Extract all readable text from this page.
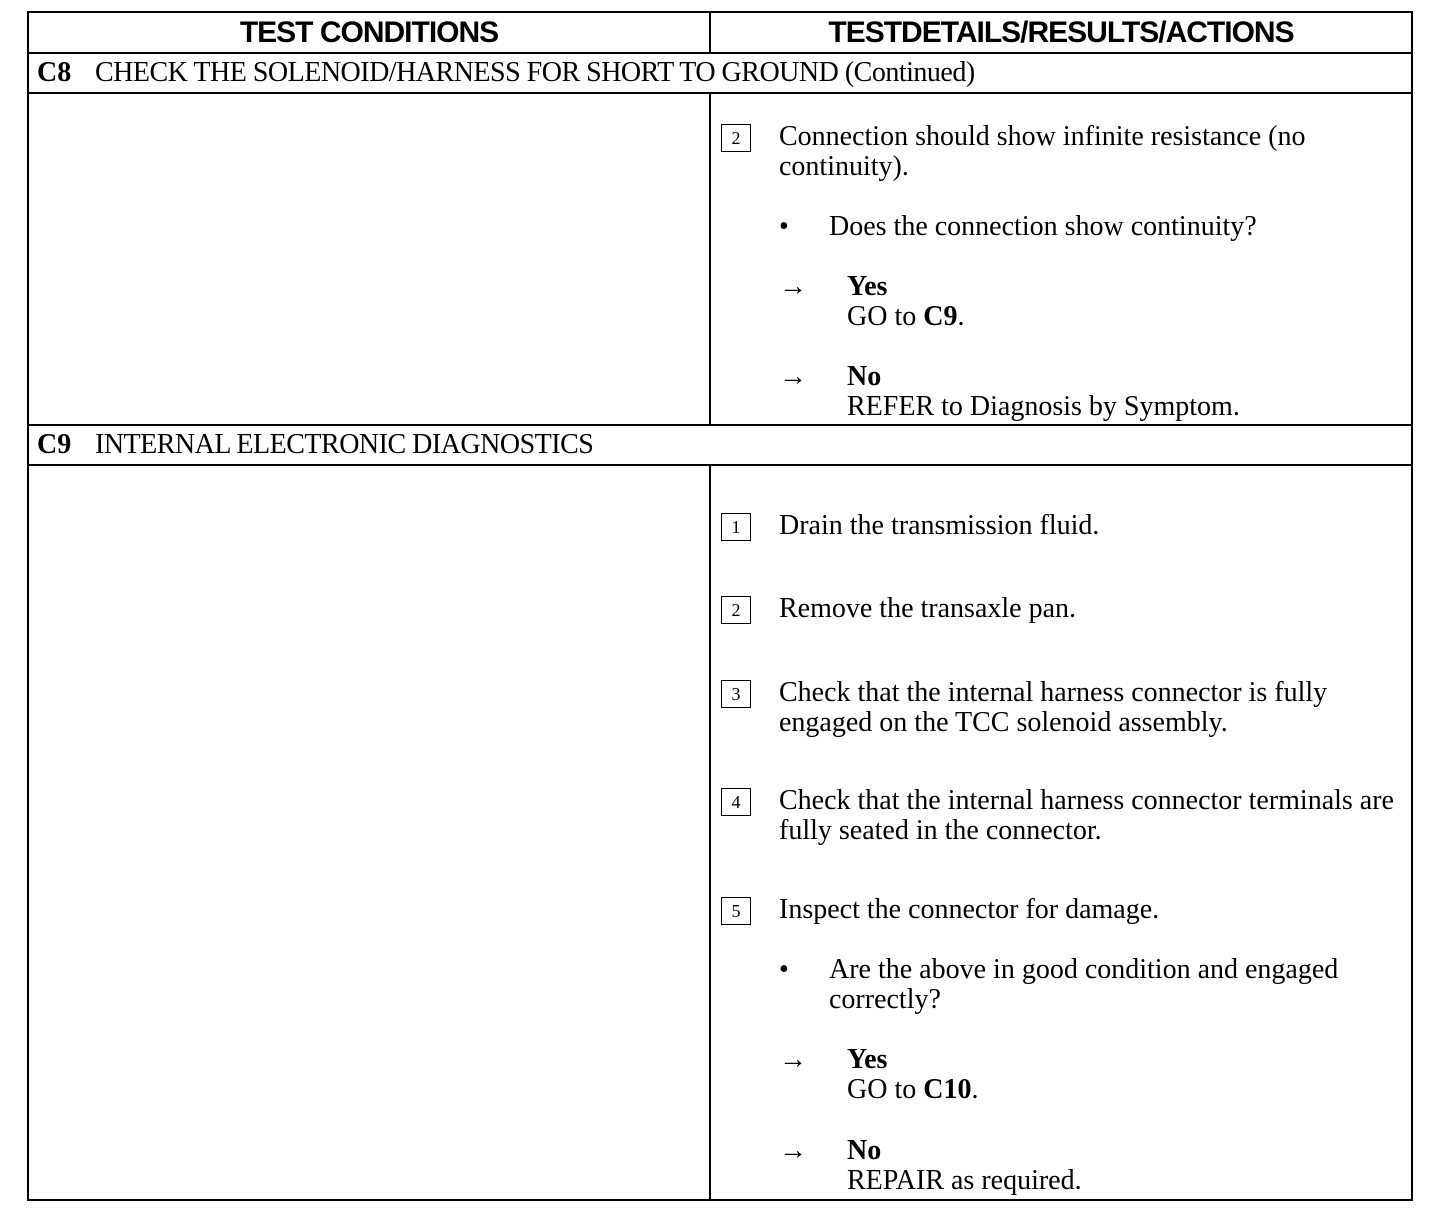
TEST CONDITIONS	TESTDETAILS/RESULTS/ACTIONS
C8 CHECK THE SOLENOID/HARNESS FOR SHORT TO GROUND (Continued)
2	Connection should show infinite resistance (no continuity).
• Does the connection show continuity?
→ Yes
GO to C9.
→ No
REFER to Diagnosis by Symptom.
C9 INTERNAL ELECTRONIC DIAGNOSTICS
1	Drain the transmission fluid.
2	Remove the transaxle pan.
3	Check that the internal harness connector is fully engaged on the TCC solenoid assembly.
4	Check that the internal harness connector terminals are fully seated in the connector.
5	Inspect the connector for damage.
• Are the above in good condition and engaged correctly?
→ Yes
GO to C10.
→ No
REPAIR as required.
